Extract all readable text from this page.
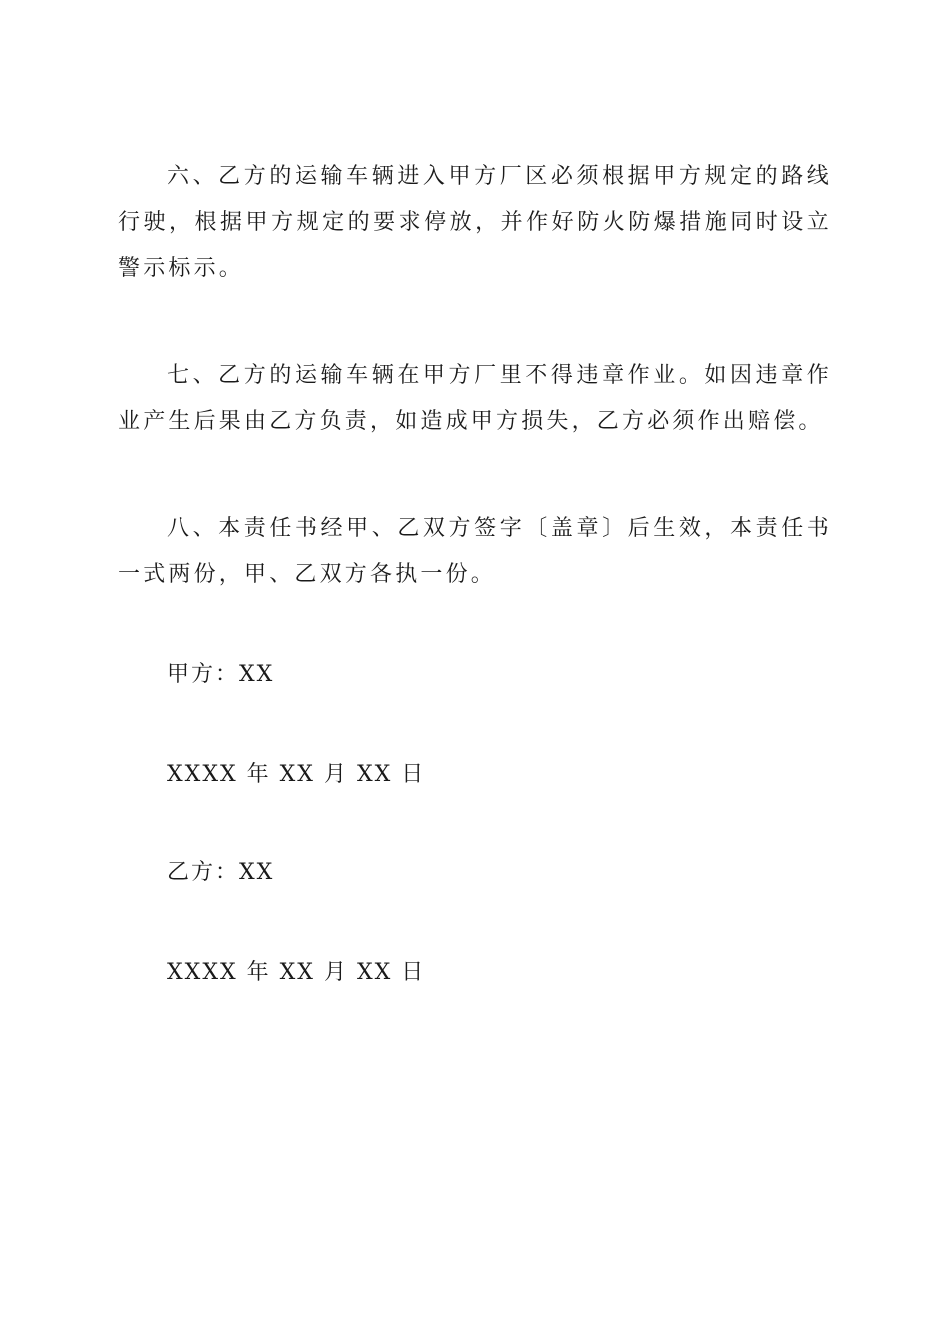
六、乙方的运输车辆进入甲方厂区必须根据甲方规定的路线行驶，根据甲方规定的要求停放，并作好防火防爆措施同时设立警示标示。

七、乙方的运输车辆在甲方厂里不得违章作业。如因违章作业产生后果由乙方负责，如造成甲方损失，乙方必须作出赔偿。

八、本责任书经甲、乙双方签字〔盖章〕后生效，本责任书一式两份，甲、乙双方各执一份。

甲方：XX

XXXX 年 XX 月 XX 日

乙方：XX

XXXX 年 XX 月 XX 日
